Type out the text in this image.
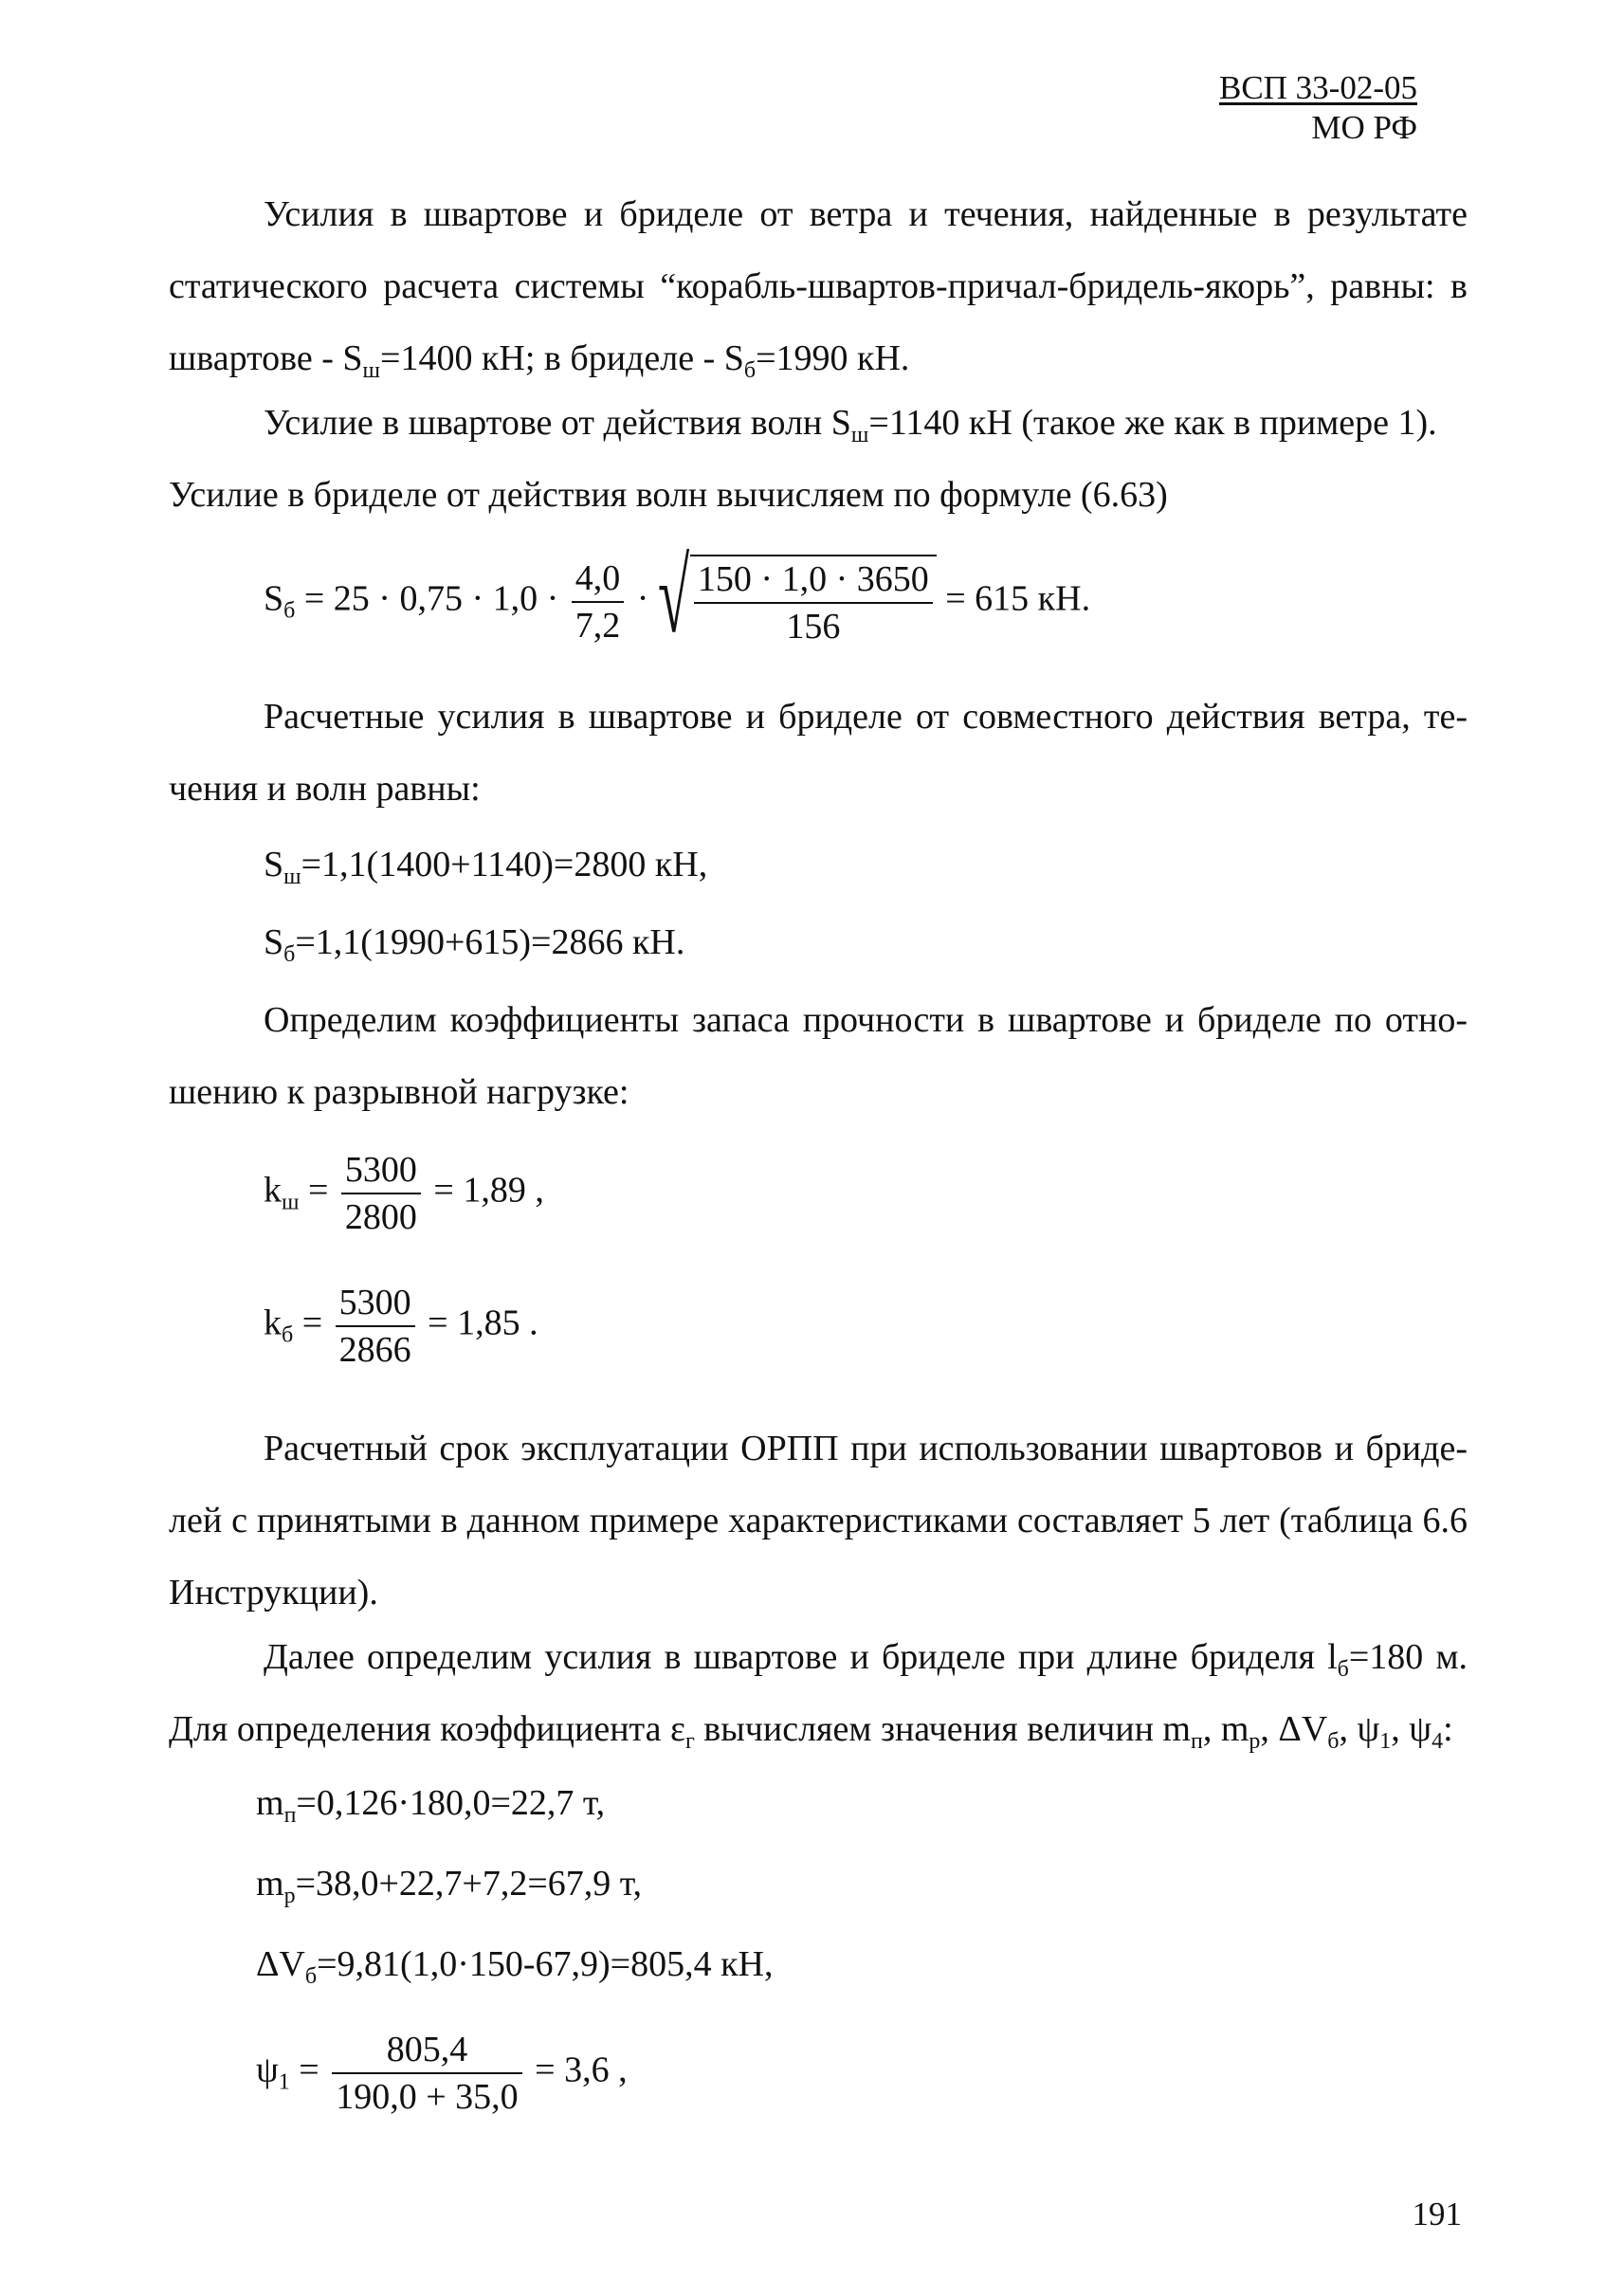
ВСП 33-02-05
МО РФ
Усилия в швартове и бриделе от ветра и течения, найденные в результате
статического расчета системы “корабль-швартов-причал-бридель-якорь”, равны: в
швартове - $S_ш=1400$ кН; в бриделе - $S_б=1990$ кН.
Усилие в швартове от действия волн $S_ш=1140$ кН (такое же как в примере 1).
Усилие в бриделе от действия волн вычисляем по формуле (6.63)
$S_б = 25 \cdot 0,75 \cdot 1,0 \cdot \frac{4,0}{7,2}$ · √ $\frac{150 \cdot 1,0 \cdot 3650}{156} = 615$ кН.
Расчетные усилия в швартове и бриделе от совместного действия ветра, те-
чения и волн равны:
$S_ш=1,1(1400+1140)=2800$ кН,
$S_б=1,1(1990+615)=2866$ кН.
Определим коэффициенты запаса прочности в швартове и бриделе по отно-
шению к разрывной нагрузке:
$k_ш = \frac{5300}{2800} = 1,89$ ,
$k_б = \frac{5300}{2866} = 1,85$ .
Расчетный срок эксплуатации ОРПП при использовании швартовов и бриде-
лей с принятыми в данном примере характеристиками составляет 5 лет (таблица 6.6
Инструкции).
Далее определим усилия в швартове и бриделе при длине бриделя $l_б=180$ м.
Для определения коэффициента $\varepsilon_г$ вычисляем значения величин $m_п$, $m_р$, $\Delta V_б$, $\psi_1$, $\psi_4$:
$m_п=0,126\cdot 180,0=22,7$ т,
$m_р=38,0+22,7+7,2=67,9$ т,
$\Delta V_б=9,81(1,0\cdot 150-67,9)=805,4$ кН,
$\psi_1 = \frac{805,4}{190,0 + 35,0} = 3,6$ ,
191
